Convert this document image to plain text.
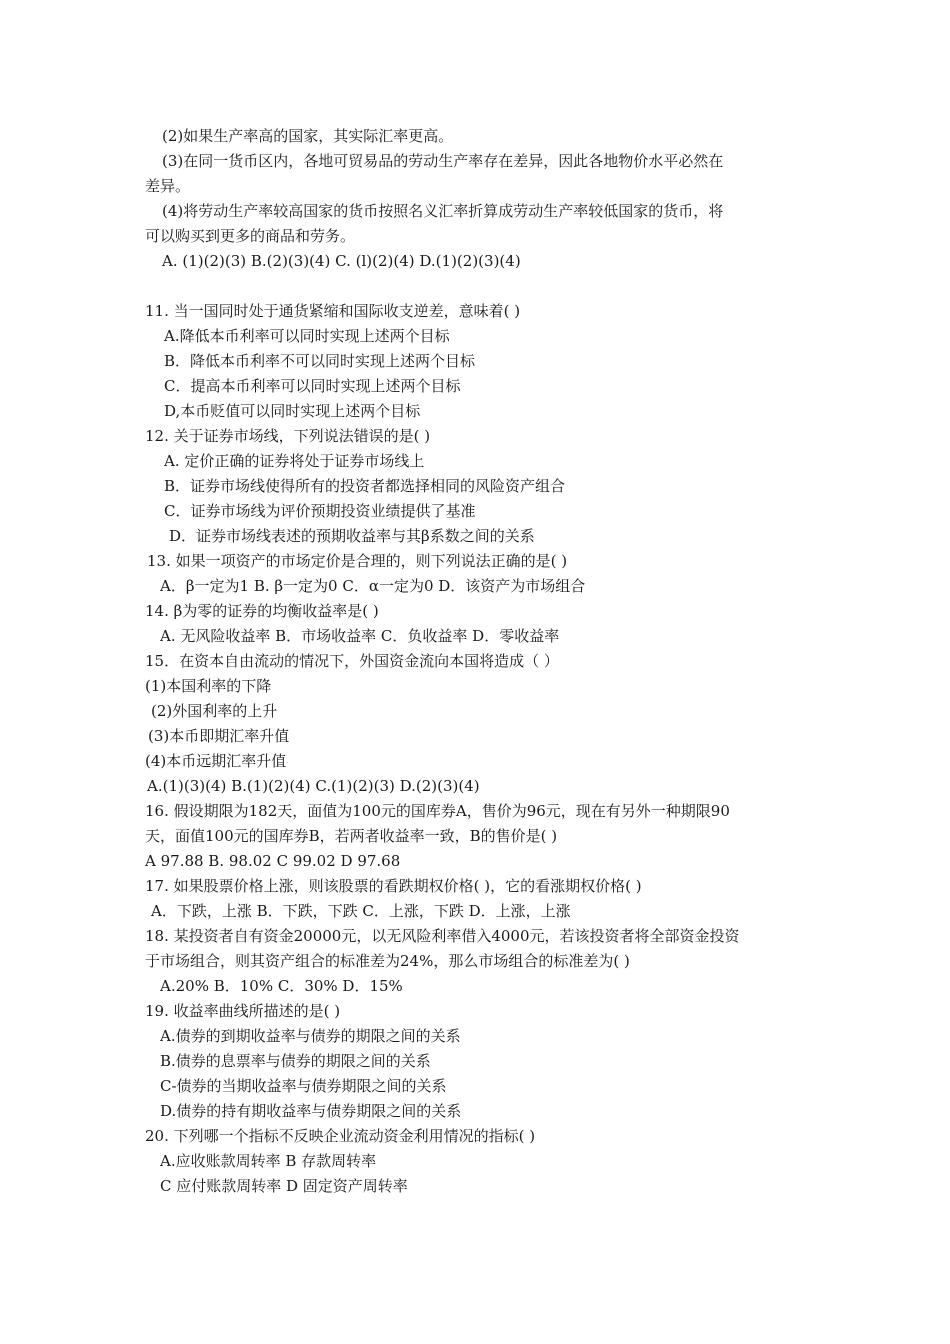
(2)如果生产率高的国家，其实际汇率更高。
(3)在同一货币区内，各地可贸易品的劳动生产率存在差异，因此各地物价水平必然在
差异。
(4)将劳动生产率较高国家的货币按照名义汇率折算成劳动生产率较低国家的货币，将
可以购买到更多的商品和劳务。
A. (1)(2)(3) B.(2)(3)(4) C. (l)(2)(4) D.(1)(2)(3)(4)
11. 当一国同时处于通货紧缩和国际收支逆差，意味着( )
A.降低本币利率可以同时实现上述两个目标
B．降低本币利率不可以同时实现上述两个目标
C．提高本币利率可以同时实现上述两个目标
D,本币贬值可以同时实现上述两个目标
12. 关于证券市场线，下列说法错误的是( )
A. 定价正确的证券将处于证券市场线上
B．证券市场线使得所有的投资者都选择相同的风险资产组合
C．证券市场线为评价预期投资业绩提供了基准
D．证券市场线表述的预期收益率与其β系数之间的关系
13. 如果一项资产的市场定价是合理的，则下列说法正确的是( )
A．β一定为1 B. β一定为0 C．α一定为0 D．该资产为市场组合
14. β为零的证券的均衡收益率是( )
A. 无风险收益率 B．市场收益率 C．负收益率 D．零收益率
15．在资本自由流动的情况下，外国资金流向本国将造成（ ）
(1)本国利率的下降
(2)外国利率的上升
(3)本币即期汇率升值
(4)本币远期汇率升值
A.(1)(3)(4) B.(1)(2)(4) C.(1)(2)(3) D.(2)(3)(4)
16. 假设期限为182天，面值为100元的国库券A，售价为96元，现在有另外一种期限90
天，面值100元的国库券B，若两者收益率一致，B的售价是( )
A 97.88 B. 98.02 C 99.02 D 97.68
17. 如果股票价格上涨，则该股票的看跌期权价格( )，它的看涨期权价格( )
A．下跌，上涨 B．下跌，下跌 C．上涨，下跌 D．上涨，上涨
18. 某投资者自有资金20000元，以无风险利率借入4000元，若该投资者将全部资金投资
于市场组合，则其资产组合的标准差为24%，那么市场组合的标准差为( )
A.20% B．10% C．30% D．15%
19. 收益率曲线所描述的是( )
A.债券的到期收益率与债券的期限之间的关系
B.债券的息票率与债券的期限之间的关系
C-债券的当期收益率与债券期限之间的关系
D.债券的持有期收益率与债券期限之间的关系
20. 下列哪一个指标不反映企业流动资金利用情况的指标( )
A.应收账款周转率 B 存款周转率
C 应付账款周转率 D 固定资产周转率
